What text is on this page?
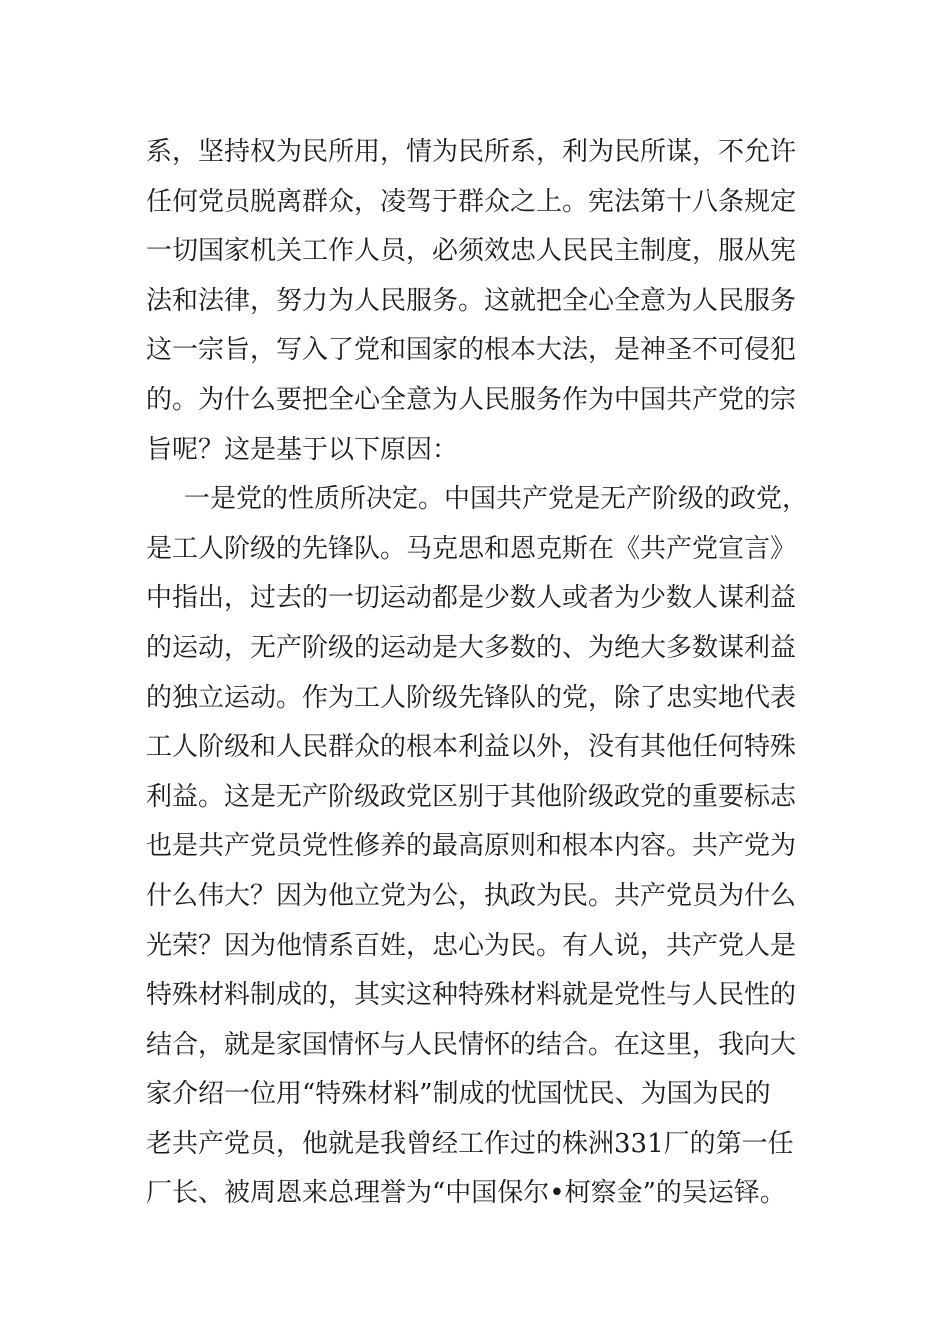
系，坚持权为民所用，情为民所系，利为民所谋，不允许
任何党员脱离群众，凌驾于群众之上。宪法第十八条规定
一切国家机关工作人员，必须效忠人民民主制度，服从宪
法和法律，努力为人民服务。这就把全心全意为人民服务
这一宗旨，写入了党和国家的根本大法，是神圣不可侵犯
的。为什么要把全心全意为人民服务作为中国共产党的宗
旨呢？这是基于以下原因：
一是党的性质所决定。中国共产党是无产阶级的政党，
是工人阶级的先锋队。马克思和恩克斯在《共产党宣言》
中指出，过去的一切运动都是少数人或者为少数人谋利益
的运动，无产阶级的运动是大多数的、为绝大多数谋利益
的独立运动。作为工人阶级先锋队的党，除了忠实地代表
工人阶级和人民群众的根本利益以外，没有其他任何特殊
利益。这是无产阶级政党区别于其他阶级政党的重要标志
也是共产党员党性修养的最高原则和根本内容。共产党为
什么伟大？因为他立党为公，执政为民。共产党员为什么
光荣？因为他情系百姓，忠心为民。有人说，共产党人是
特殊材料制成的，其实这种特殊材料就是党性与人民性的
结合，就是家国情怀与人民情怀的结合。在这里，我向大
家介绍一位用“特殊材料”制成的忧国忧民、为国为民的
老共产党员，他就是我曾经工作过的株洲331厂的第一任
厂长、被周恩来总理誉为“中国保尔•柯察金”的吴运铎。
